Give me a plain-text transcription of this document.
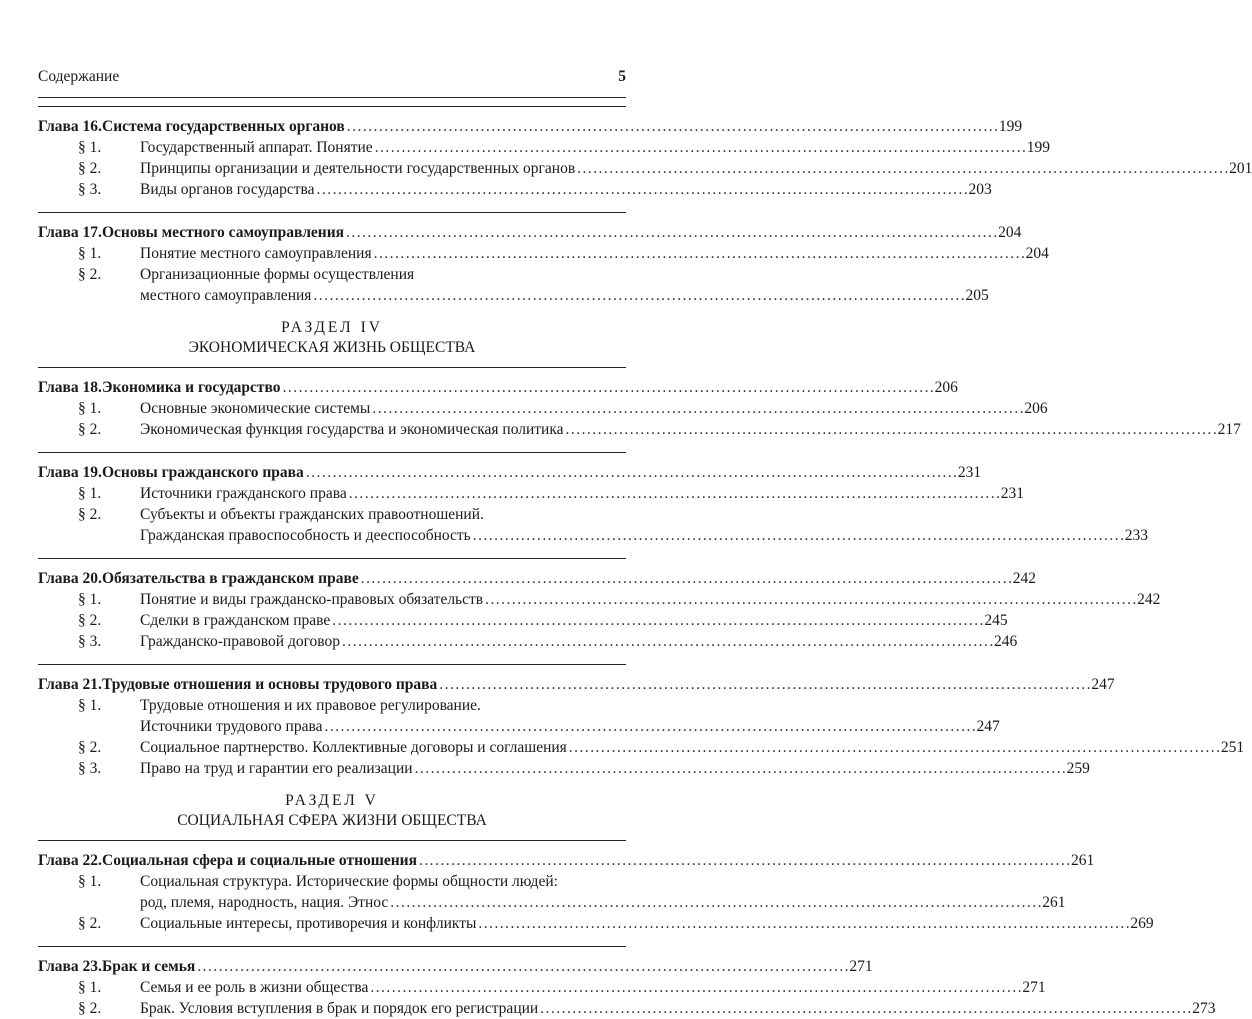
Содержание	5
Глава 16. Система государственных органов . . .	199
§ 1.	Государственный аппарат. Понятие . . .	199
§ 2.	Принципы организации и деятельности государственных органов . . .	201
§ 3.	Виды органов государства . . .	203
Глава 17. Основы местного самоуправления . . .	204
§ 1.	Понятие местного самоуправления . . .	204
§ 2.	Организационные формы осуществления
местного самоуправления . . .	205
РАЗДЕЛ IV
ЭКОНОМИЧЕСКАЯ ЖИЗНЬ ОБЩЕСТВА
Глава 18. Экономика и государство . . .	206
§ 1.	Основные экономические системы . . .	206
§ 2.	Экономическая функция государства и экономическая политика . . .	217
Глава 19. Основы гражданского права . . .	231
§ 1.	Источники гражданского права . . .	231
§ 2.	Субъекты и объекты гражданских правоотношений.
Гражданская правоспособность и дееспособность . . .	233
Глава 20. Обязательства в гражданском праве . . .	242
§ 1.	Понятие и виды гражданско-правовых обязательств . . .	242
§ 2.	Сделки в гражданском праве . . .	245
§ 3.	Гражданско-правовой договор . . .	246
Глава 21. Трудовые отношения и основы трудового права . . .	247
§ 1.	Трудовые отношения и их правовое регулирование.
Источники трудового права . . .	247
§ 2.	Социальное партнерство. Коллективные договоры и соглашения . . .	251
§ 3.	Право на труд и гарантии его реализации . . .	259
РАЗДЕЛ V
СОЦИАЛЬНАЯ СФЕРА ЖИЗНИ ОБЩЕСТВА
Глава 22. Социальная сфера и социальные отношения . . .	261
§ 1.	Социальная структура. Исторические формы общности людей:
род, племя, народность, нация. Этнос . . .	261
§ 2.	Социальные интересы, противоречия и конфликты . . .	269
Глава 23. Брак и семья . . .	271
§ 1.	Семья и ее роль в жизни общества . . .	271
§ 2.	Брак. Условия вступления в брак и порядок его регистрации . . .	273
